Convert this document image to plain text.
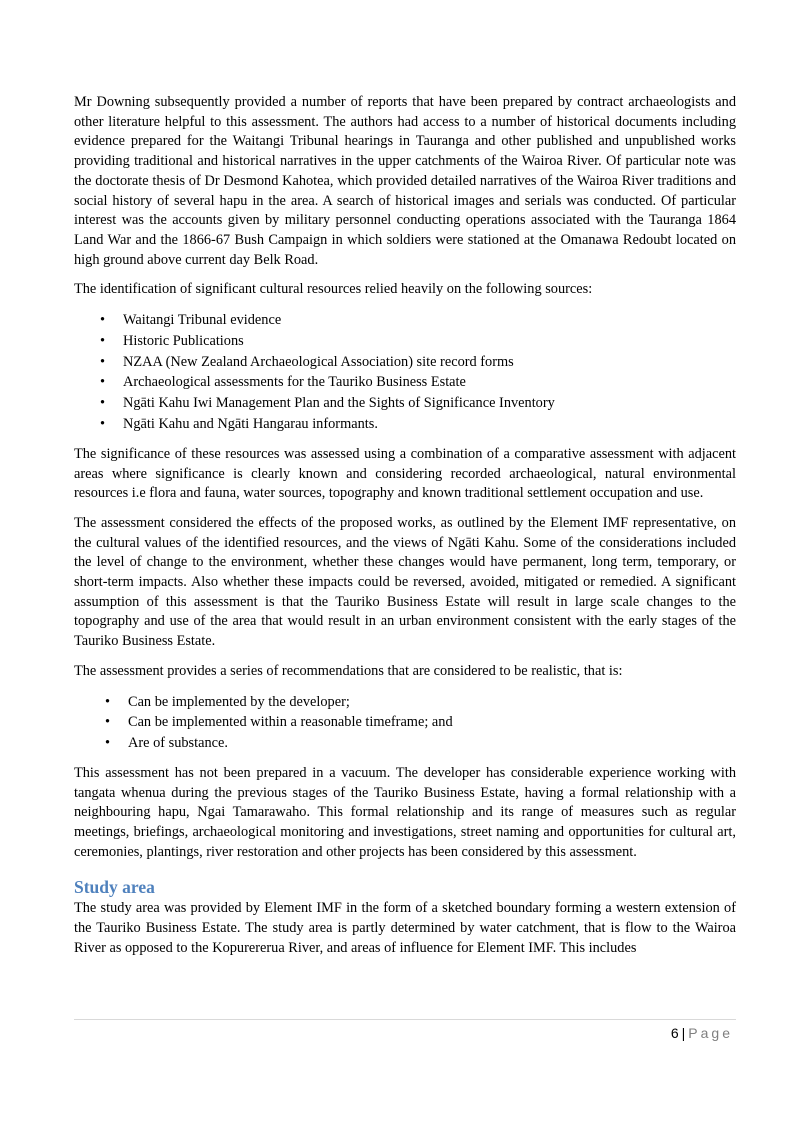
Mr Downing subsequently provided a number of reports that have been prepared by contract archaeologists and other literature helpful to this assessment. The authors had access to a number of historical documents including evidence prepared for the Waitangi Tribunal hearings in Tauranga and other published and unpublished works providing traditional and historical narratives in the upper catchments of the Wairoa River. Of particular note was the doctorate thesis of Dr Desmond Kahotea, which provided detailed narratives of the Wairoa River traditions and social history of several hapu in the area. A search of historical images and serials was conducted. Of particular interest was the accounts given by military personnel conducting operations associated with the Tauranga 1864 Land War and the 1866-67 Bush Campaign in which soldiers were stationed at the Omanawa Redoubt located on high ground above current day Belk Road.

The identification of significant cultural resources relied heavily on the following sources:

• Waitangi Tribunal evidence
• Historic Publications
• NZAA (New Zealand Archaeological Association) site record forms
• Archaeological assessments for the Tauriko Business Estate
• Ngāti Kahu Iwi Management Plan and the Sights of Significance Inventory
• Ngāti Kahu and Ngāti Hangarau informants.

The significance of these resources was assessed using a combination of a comparative assessment with adjacent areas where significance is clearly known and considering recorded archaeological, natural environmental resources i.e flora and fauna, water sources, topography and known traditional settlement occupation and use.

The assessment considered the effects of the proposed works, as outlined by the Element IMF representative, on the cultural values of the identified resources, and the views of Ngāti Kahu. Some of the considerations included the level of change to the environment, whether these changes would have permanent, long term, temporary, or short-term impacts. Also whether these impacts could be reversed, avoided, mitigated or remedied. A significant assumption of this assessment is that the Tauriko Business Estate will result in large scale changes to the topography and use of the area that would result in an urban environment consistent with the early stages of the Tauriko Business Estate.

The assessment provides a series of recommendations that are considered to be realistic, that is:

• Can be implemented by the developer;
• Can be implemented within a reasonable timeframe; and
• Are of substance.

This assessment has not been prepared in a vacuum. The developer has considerable experience working with tangata whenua during the previous stages of the Tauriko Business Estate, having a formal relationship with a neighbouring hapu, Ngai Tamarawaho. This formal relationship and its range of measures such as regular meetings, briefings, archaeological monitoring and investigations, street naming and opportunities for cultural art, ceremonies, plantings, river restoration and other projects has been considered by this assessment.

Study area

The study area was provided by Element IMF in the form of a sketched boundary forming a western extension of the Tauriko Business Estate. The study area is partly determined by water catchment, that is flow to the Wairoa River as opposed to the Kopurererua River, and areas of influence for Element IMF. This includes

6 | Page
